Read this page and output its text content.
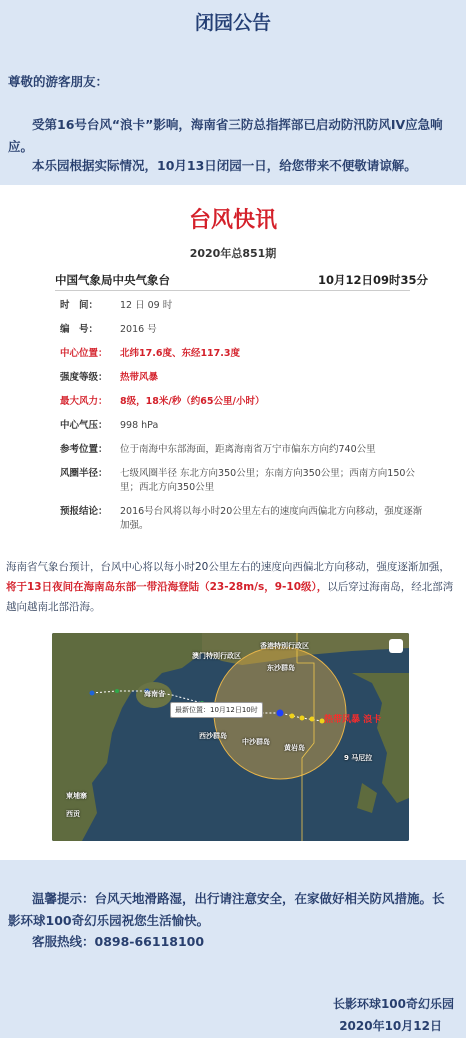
闭园公告
尊敬的游客朋友：
受第16号台风“浪卡”影响，海南省三防总指挥部已启动防汛防风IV应急响应。
本乐园根据实际情况，10月13日闭园一日，给您带来不便敬请谅解。
台风快讯
2020年总851期
中国气象局中央气象台	10月12日09时35分
时　间：	12 日 09 时
编　号：	2016 号
中心位置：	北纬17.6度、东经117.3度
强度等级：	热带风暴
最大风力：	8级，18米/秒（约65公里/小时）
中心气压：	998 hPa
参考位置：	位于南海中东部海面，距离海南省万宁市偏东方向约740公里
风圈半径：	七级风圈半径 东北方向350公里；东南方向350公里；西南方向150公里；西北方向350公里
预报结论：	2016号台风将以每小时20公里左右的速度向西偏北方向移动，强度逐渐加强。
海南省气象台预计，台风中心将以每小时20公里左右的速度向西偏北方向移动，强度逐渐加强，将于13日夜间在海南岛东部一带沿海登陆（23-28m/s，9-10级），以后穿过海南岛，经北部湾越向越南北部沿海。
香港特别行政区
澳门特别行政区
东沙群岛
海南省
西沙群岛
中沙群岛
黄岩岛
最新位置：10月12日10时
热带风暴 浪卡
9 马尼拉
柬埔寨
西贡
温馨提示：台风天地滑路湿，出行请注意安全，在家做好相关防风措施。长影环球100奇幻乐园祝您生活愉快。
客服热线：0898-66118100
长影环球100奇幻乐园
2020年10月12日
